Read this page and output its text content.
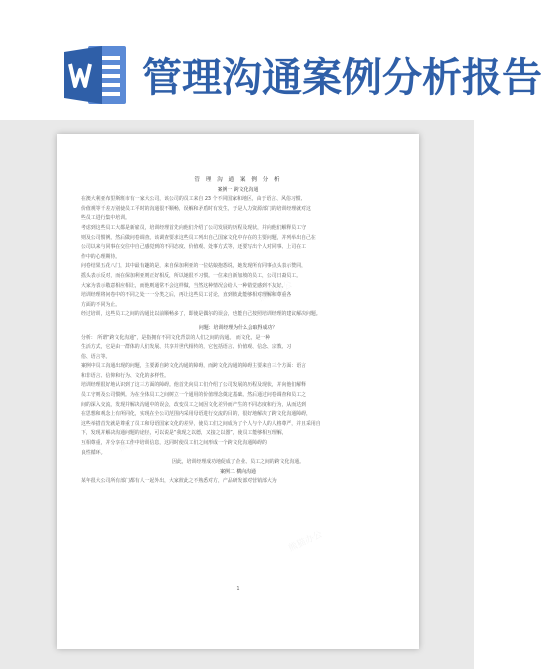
管理沟通案例分析报告
熊猫办公
熊猫办公
熊猫办公
熊猫办公
管 理 沟 通 案 例 分 析
案例一 跨文化沟通
在澳大利亚布里斯班市有一家大公司，该公司的员工来自 23 个不同国家和地区，由于语言、风俗习惯、
价值观等千差万别使员工平时的沟通很不顺畅，误解和矛盾时有发生，于是人力资源部门的培训经理就对这
些员工进行集中培训。
考虑到这些员工大都是新雇员，培训经理首先向他们介绍了公司发展的历程及现状，并向他们解释员工守
则及公司惯例。然后做问卷调查。该调查要求这些员工列出自己国家文化中存在的主要问题，并列举出自己在
公司以来与同事在交往中自己感觉到的不同态度、价值观、处事方式等，还要写出个人对同事、上司在工
作中的心理期待。
问卷结果五花八门，其中最有趣的是，来自保加利亚的一位姑娘抱怨说，她发现所有同事点头表示赞同，
摇头表示反对，而在保加利亚则正好相反，所以她很不习惯。一位来自新加坡的员工，公司日裔员工。
大家为表示敬意相应相让，而他则通常不会这样做，当然这种情况会给人一种错觉感到不友好。
培训经理将问卷中的不同之处一一分类之后，再让这些员工讨论，直到彼此能够相对理解和尊重各
方面的不同为止。
经过培训，这些员工之间的沟通比以前顺畅多了，即使是偶尔的误会，也能自己按照培训经理的建议解决问题。
问题：培训经理为什么会取得成功？
分析： 所谓“跨文化沟通”，是指拥有不同文化背景的人们之间的沟通。 而文化，是一种
生活方式，它是由一群体的人们发展、共享并世代相传的，它包括语言、价值观、信念、宗教、习
俗、语言等。
案例中员工沟通出现的问题，主要源自跨文化沟通的障碍，而跨文化沟通的障碍主要来自三个方面：语言
和非语言、信仰和行为、文化的多样性。
培训经理很好地认识到了这三方面的障碍。他首先向员工们介绍了公司发展的历程及现状，并向他们解释
员工守则及公司惯例。为在全体员工之间树立一个通用的价值理念奠定基础。然后通过问卷调查和员工之
间的深入交流，发现并解决沟通中的误会，改变员工之间因文化差异而产生的不同态度和行为，从而达到
在思想和观念上有所同化，实现在全公司范围内采用母语进行交流的目的，很好地解决了跨文化沟通障碍，
这些举措首先就是尊重了员工和母语国家文化的差异，使员工们之间成为了个人与个人的人格尊严，并且采用自
下，发现并解决沟通问题的途径，可以说是“我现之以德，又接之以器”，使员工能够相互理解，
互相尊重，并分享在工作中培训信息，这同时使员工们之间形成一个跨文化沟通障碍的
良性循环。
因此，培训经理成功地促成了企业、员工之间的跨文化沟通。
案例二 横向沟通
某年很大公司所有部门都有人一起外出，大家彼此之不熟悉对方，产品研发部对营销部大为
1
